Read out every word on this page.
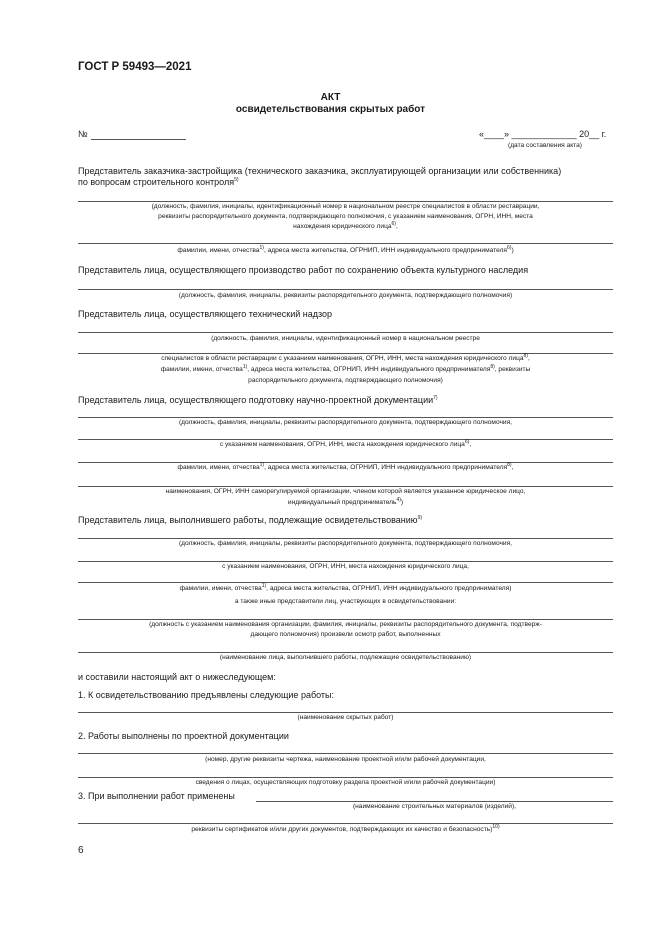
ГОСТ Р 59493—2021
АКТ
освидетельствования скрытых работ
№	«____» _____________ 20__ г.
(дата составления акта)
Представитель заказчика-застройщика (технического заказчика, эксплуатирующей организации или собственника)
по вопросам строительного контроля$^{5)}$
(должность, фамилия, инициалы, идентификационный номер в национальном реестре специалистов в области реставрации,
реквизиты распорядительного документа, подтверждающего полномочия, с указанием наименования, ОГРН, ИНН, места
нахождения юридического лица$^{6)}$,
фамилии, имени, отчества$^{1)}$, адреса места жительства, ОГРНИП, ИНН индивидуального предпринимателя$^{6)}$)
Представитель лица, осуществляющего производство работ по сохранению объекта культурного наследия
(должность, фамилия, инициалы, реквизиты распорядительного документа, подтверждающего полномочия)
Представитель лица, осуществляющего технический надзор
(должность, фамилия, инициалы, идентификационный номер в национальном реестре
специалистов в области реставрации с указанием наименования, ОГРН, ИНН, места нахождения юридического лица$^{8)}$,
фамилии, имени, отчества$^{1)}$, адреса места жительства, ОГРНИП, ИНН индивидуального предпринимателя$^{8)}$, реквизиты
распорядительного документа, подтверждающего полномочия)
Представитель лица, осуществляющего подготовку научно-проектной документации$^{7)}$
(должность, фамилия, инициалы, реквизиты распорядительного документа, подтверждающего полномочия,
с указанием наименования, ОГРН, ИНН, места нахождения юридического лица$^{6)}$,
фамилии, имени, отчества$^{1)}$, адреса места жительства, ОГРНИП, ИНН индивидуального предпринимателя$^{8)}$,
наименования, ОГРН, ИНН саморегулируемой организации, членом которой является указанное юридическое лицо,
индивидуальный предприниматель$^{4)}$)
Представитель лица, выполнившего работы, подлежащие освидетельствованию$^{9)}$
(должность, фамилия, инициалы, реквизиты распорядительного документа, подтверждающего полномочия,
с указанием наименования, ОГРН, ИНН, места нахождения юридического лица,
фамилии, имени, отчества$^{1)}$, адреса места жительства, ОГРНИП, ИНН индивидуального предпринимателя)
а также иные представители лиц, участвующих в освидетельствовании:
(должность с указанием наименования организации, фамилия, инициалы, реквизиты распорядительного документа, подтверж-
дающего полномочия) произвели осмотр работ, выполненных
(наименование лица, выполнившего работы, подлежащие освидетельствованию)
и составили настоящий акт о нижеследующем:
1. К освидетельствованию предъявлены следующие работы:
(наименование скрытых работ)
2. Работы выполнены по проектной документации
(номер, другие реквизиты чертежа, наименование проектной и/или рабочей документации,
сведения о лицах, осуществляющих подготовку раздела проектной и/или рабочей документации)
3. При выполнении работ применены
(наименование строительных материалов (изделий),
реквизиты сертификатов и/или других документов, подтверждающих их качество и безопасность)$^{10)}$
6
